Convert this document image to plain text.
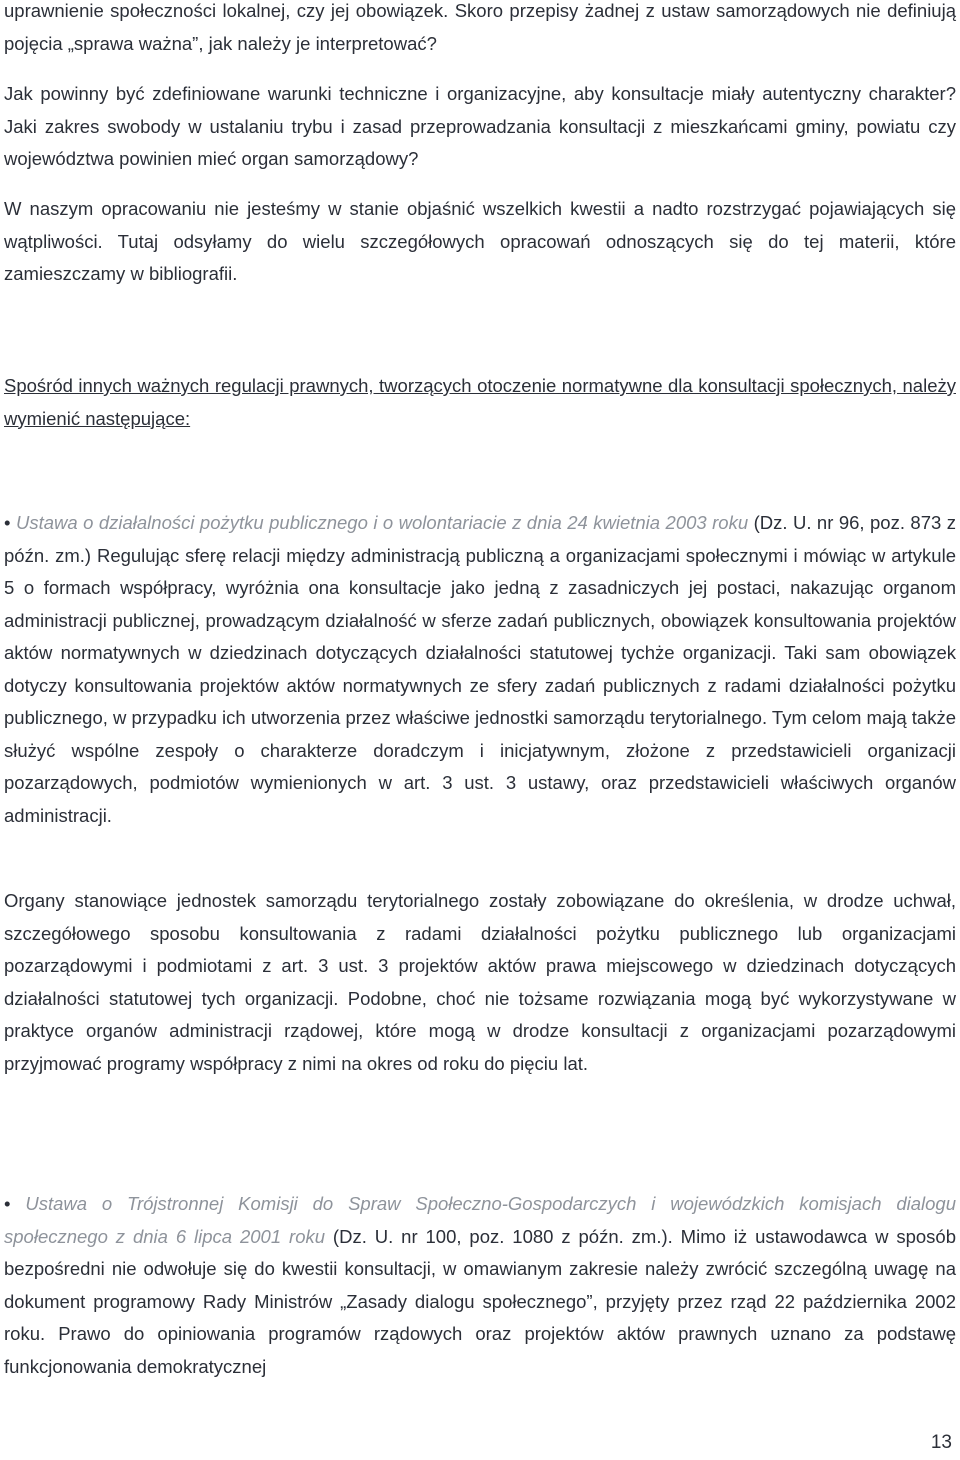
uprawnienie społeczności lokalnej, czy jej obowiązek. Skoro przepisy żadnej z ustaw samorządowych nie definiują pojęcia „sprawa ważna”, jak należy je interpretować?

Jak powinny być zdefiniowane warunki techniczne i organizacyjne, aby konsultacje miały autentyczny charakter? Jaki zakres swobody w ustalaniu trybu i zasad przeprowadzania konsultacji z mieszkańcami gminy, powiatu czy województwa powinien mieć organ samorządowy?

W naszym opracowaniu nie jesteśmy w stanie objaśnić wszelkich kwestii a nadto rozstrzygać pojawiających się wątpliwości. Tutaj odsyłamy do wielu szczegółowych opracowań odnoszących się do tej materii, które zamieszczamy w bibliografii.

Spośród innych ważnych regulacji prawnych, tworzących otoczenie normatywne dla konsultacji społecznych, należy wymienić następujące:

• Ustawa o działalności pożytku publicznego i o wolontariacie z dnia 24 kwietnia 2003 roku (Dz. U. nr 96, poz. 873 z późn. zm.) Regulując sferę relacji między administracją publiczną a organizacjami społecznymi i mówiąc w artykule 5 o formach współpracy, wyróżnia ona konsultacje jako jedną z zasadniczych jej postaci, nakazując organom administracji publicznej, prowadzącym działalność w sferze zadań publicznych, obowiązek konsultowania projektów aktów normatywnych w dziedzinach dotyczących działalności statutowej tychże organizacji. Taki sam obowiązek dotyczy konsultowania projektów aktów normatywnych ze sfery zadań publicznych z radami działalności pożytku publicznego, w przypadku ich utworzenia przez właściwe jednostki samorządu terytorialnego. Tym celom mają także służyć wspólne zespoły o charakterze doradczym i inicjatywnym, złożone z przedstawicieli organizacji pozarządowych, podmiotów wymienionych w art. 3 ust. 3 ustawy, oraz przedstawicieli właściwych organów administracji.

Organy stanowiące jednostek samorządu terytorialnego zostały zobowiązane do określenia, w drodze uchwał, szczegółowego sposobu konsultowania z radami działalności pożytku publicznego lub organizacjami pozarządowymi i podmiotami z art. 3 ust. 3 projektów aktów prawa miejscowego w dziedzinach dotyczących działalności statutowej tych organizacji. Podobne, choć nie tożsame rozwiązania mogą być wykorzystywane w praktyce organów administracji rządowej, które mogą w drodze konsultacji z organizacjami pozarządowymi przyjmować programy współpracy z nimi na okres od roku do pięciu lat.

• Ustawa o Trójstronnej Komisji do Spraw Społeczno-Gospodarczych i wojewódzkich komisjach dialogu społecznego z dnia 6 lipca 2001 roku (Dz. U. nr 100, poz. 1080 z późn. zm.). Mimo iż ustawodawca w sposób bezpośredni nie odwołuje się do kwestii konsultacji, w omawianym zakresie należy zwrócić szczególną uwagę na dokument programowy Rady Ministrów „Zasady dialogu społecznego”, przyjęty przez rząd 22 października 2002 roku. Prawo do opiniowania programów rządowych oraz projektów aktów prawnych uznano za podstawę funkcjonowania demokratycznej

13
